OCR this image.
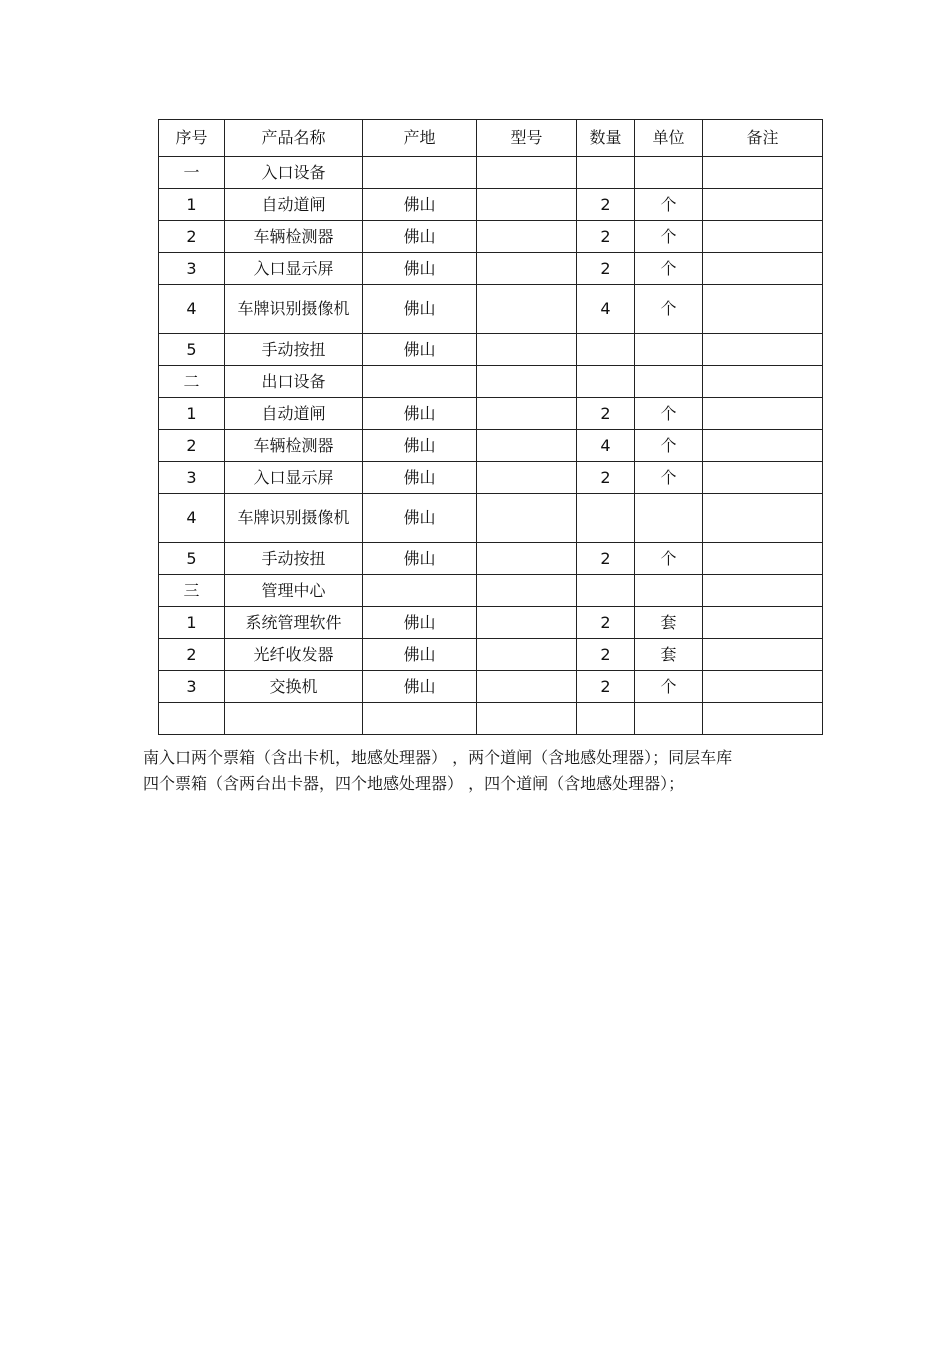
序号	产品名称	产地	型号	数量	单位	备注
一	入口设备					
1	自动道闸	佛山		2	个	
2	车辆检测器	佛山		2	个	
3	入口显示屏	佛山		2	个	
4	车牌识别摄像机	佛山		4	个	
5	手动按扭	佛山				
二	出口设备					
1	自动道闸	佛山		2	个	
2	车辆检测器	佛山		4	个	
3	入口显示屏	佛山		2	个	
4	车牌识别摄像机	佛山				
5	手动按扭	佛山		2	个	
三	管理中心					
1	系统管理软件	佛山		2	套	
2	光纤收发器	佛山		2	套	
3	交换机	佛山		2	个	

南入口两个票箱（含出卡机，地感处理器） ，两个道闸（含地感处理器）；同层车库

四个票箱（含两台出卡器，四个地感处理器） ，四个道闸（含地感处理器）；
